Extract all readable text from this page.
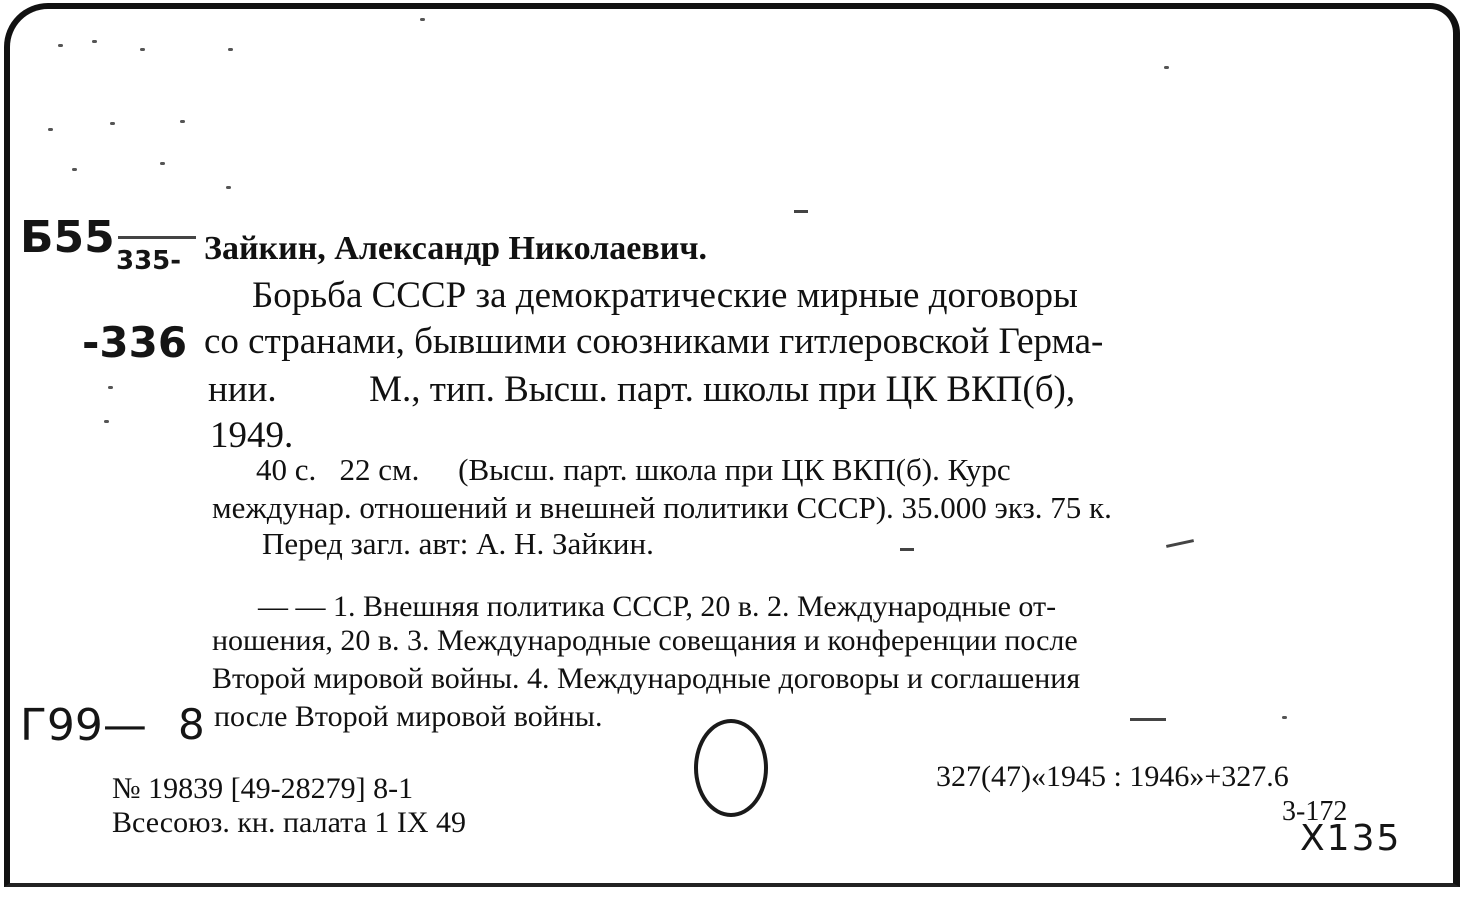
Б55 335-
-336
Г99— 8
Зайкин, Александр Николаевич.
Борьба СССР за демократические мирные договоры
со странами, бывшими союзниками гитлеровской Герма-
нии.          М., тип. Высш. парт. школы при ЦК ВКП(б),
1949.
40 с.   22 см.     (Высш. парт. школа при ЦК ВКП(б). Курс
междунар. отношений и внешней политики СССР). 35.000 экз. 75 к.
Перед загл. авт: А. Н. Зайкин.
— — 1. Внешняя политика СССР, 20 в. 2. Международные от-
ношения, 20 в. 3. Международные совещания и конференции после
Второй мировой войны. 4. Международные договоры и соглашения
после Второй мировой войны.
№ 19839 [49-28279] 8-1
Всесоюз. кн. палата 1 IX 49
327(47)«1945 : 1946»+327.6
3-172
X135
